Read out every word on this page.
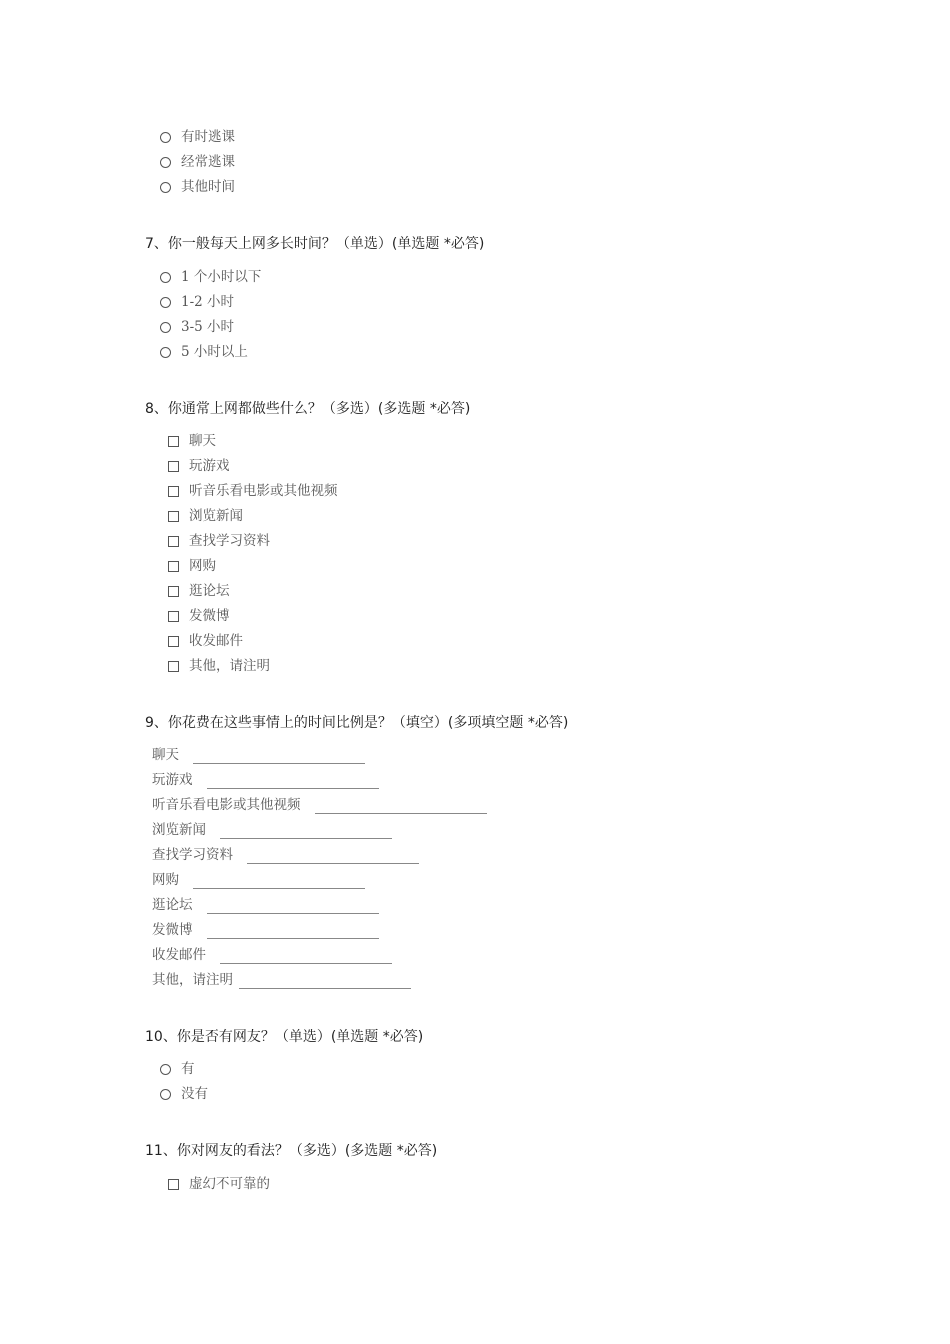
有时逃课
经常逃课
其他时间
7、你一般每天上网多长时间？（单选）(单选题 *必答)
1 个小时以下
1-2 小时
3-5 小时
5 小时以上
8、你通常上网都做些什么？（多选）(多选题 *必答)
聊天
玩游戏
听音乐看电影或其他视频
浏览新闻
查找学习资料
网购
逛论坛
发微博
收发邮件
其他，请注明
9、你花费在这些事情上的时间比例是？（填空）(多项填空题 *必答)
聊天
玩游戏
听音乐看电影或其他视频
浏览新闻
查找学习资料
网购
逛论坛
发微博
收发邮件
其他，请注明
10、你是否有网友？（单选）(单选题 *必答)
有
没有
11、你对网友的看法？（多选）(多选题 *必答)
虚幻不可靠的
